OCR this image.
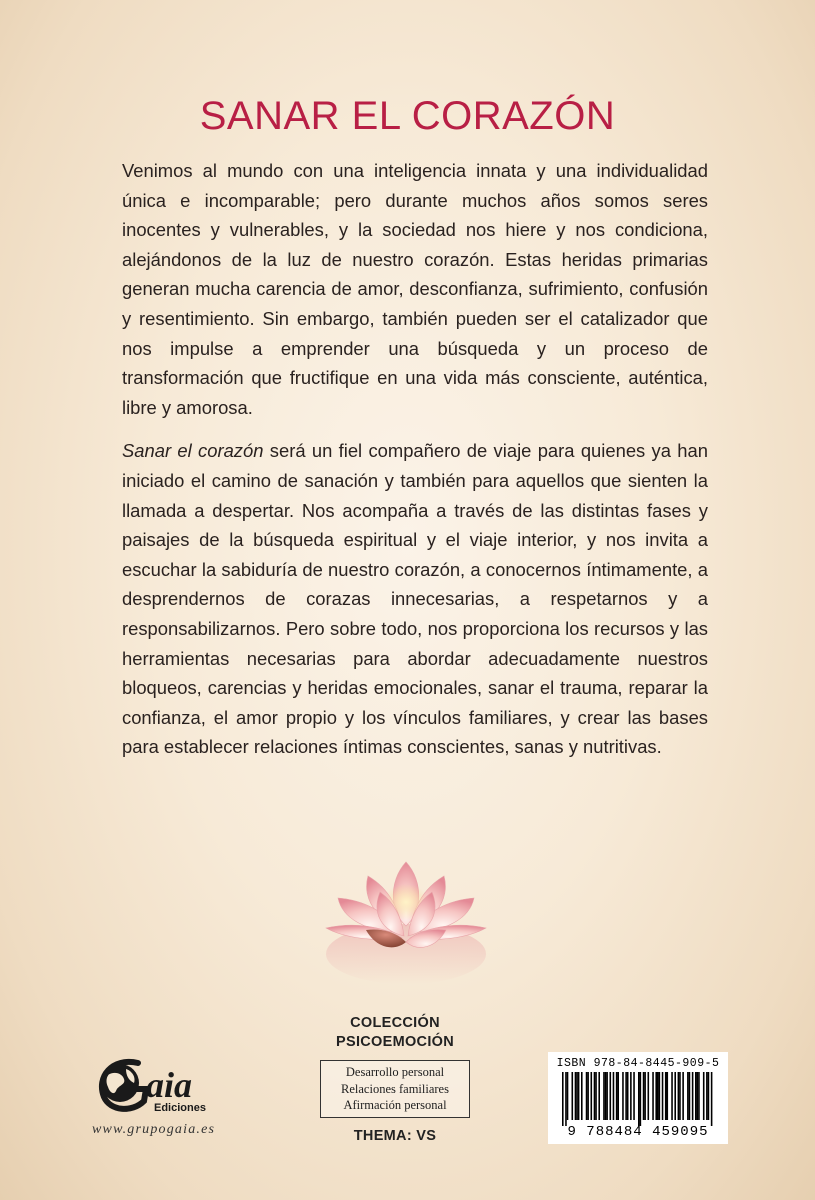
SANAR EL CORAZÓN

Venimos al mundo con una inteligencia innata y una individualidad única e incomparable; pero durante muchos años somos seres inocentes y vulnerables, y la sociedad nos hiere y nos condiciona, alejándonos de la luz de nuestro corazón. Estas heridas primarias generan mucha carencia de amor, desconfianza, sufrimiento, confusión y resentimiento. Sin embargo, también pueden ser el catalizador que nos impulse a emprender una búsqueda y un proceso de transformación que fructifique en una vida más consciente, auténtica, libre y amorosa.

Sanar el corazón será un fiel compañero de viaje para quienes ya han iniciado el camino de sanación y también para aquellos que sienten la llamada a despertar. Nos acompaña a través de las distintas fases y paisajes de la búsqueda espiritual y el viaje interior, y nos invita a escuchar la sabiduría de nuestro corazón, a conocernos íntimamente, a desprendernos de corazas innecesarias, a respetarnos y a responsabilizarnos. Pero sobre todo, nos proporciona los recursos y las herramientas necesarias para abordar adecuadamente nuestros bloqueos, carencias y heridas emocionales, sanar el trauma, reparar la confianza, el amor propio y los vínculos familiares, y crear las bases para establecer relaciones íntimas conscientes, sanas y nutritivas.

COLECCIÓN
PSICOEMOCIÓN
Desarrollo personal
Relaciones familiares
Afirmación personal
THEMA: VS
aia
Ediciones
www.grupogaia.es
ISBN 978-84-8445-909-5
9 788484 459095
